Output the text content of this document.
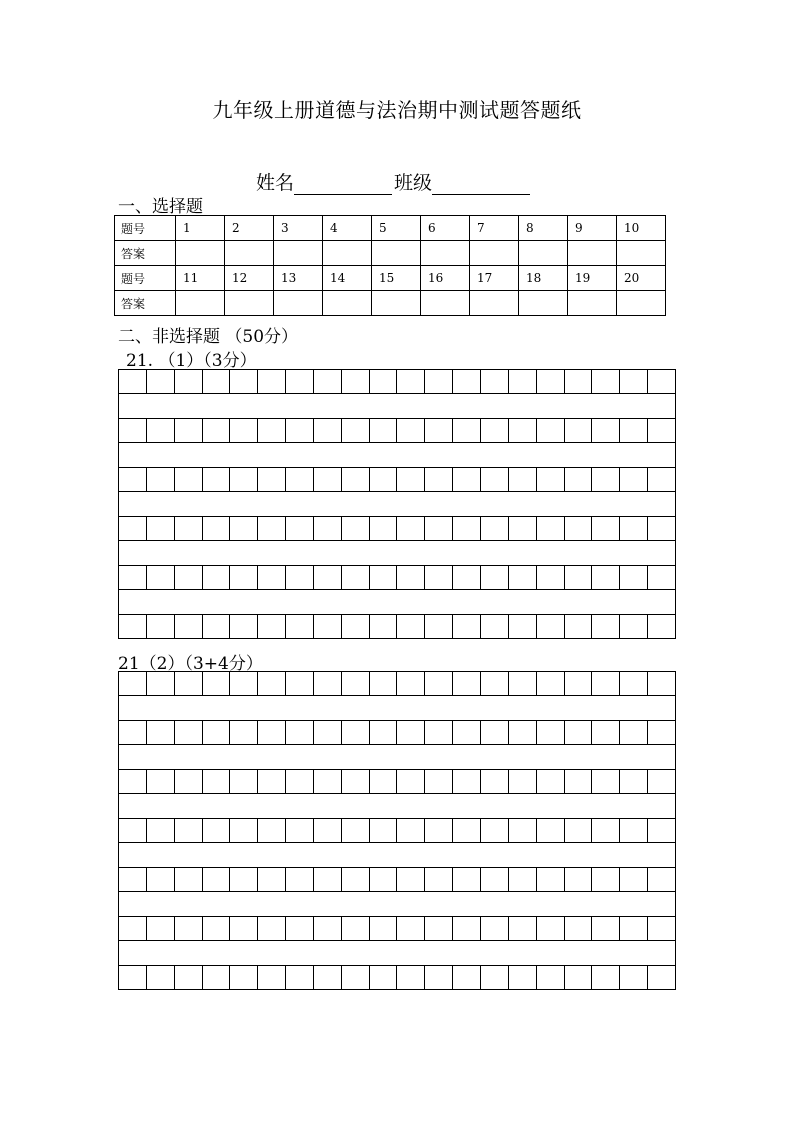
九年级上册道德与法治期中测试题答题纸
姓名	班级
一、选择题
题号	1	2	3	4	5	6	7	8	9	10
答案										
题号	11	12	13	14	15	16	17	18	19	20
答案										
二、非选择题 （50分）
21. （1）（3分）
21（2）（3+4分）
